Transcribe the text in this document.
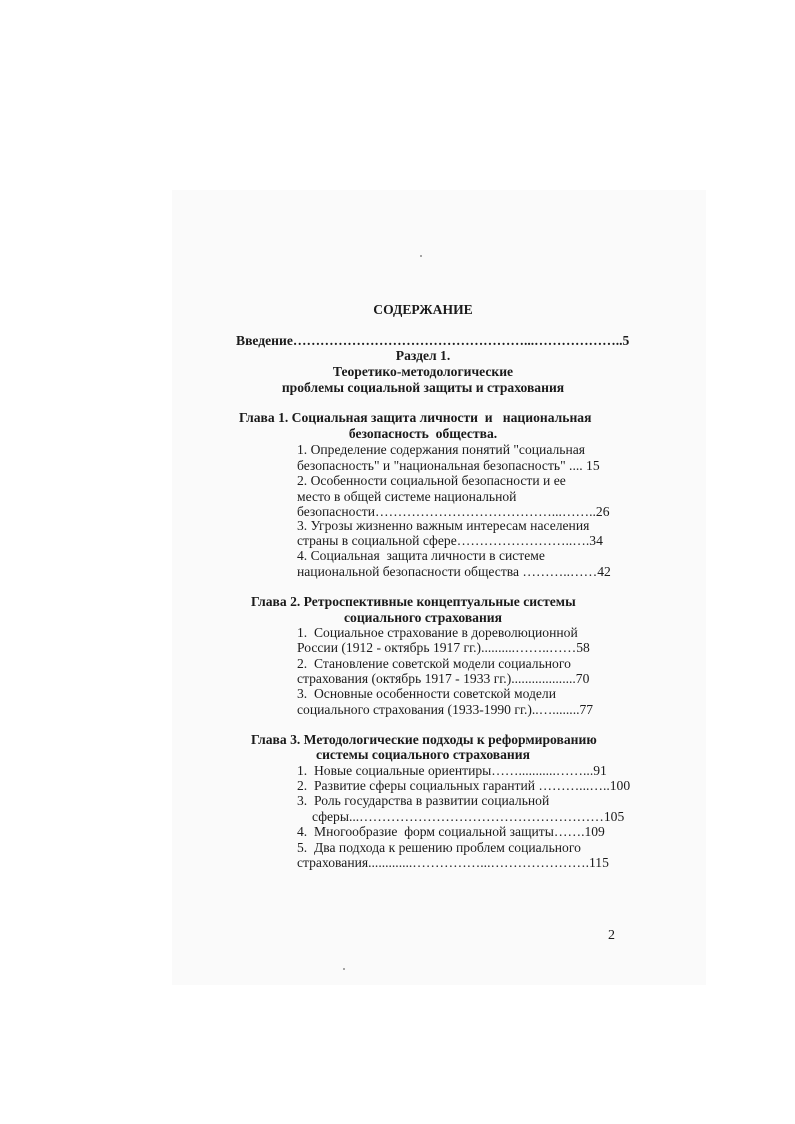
СОДЕРЖАНИЕ
Введение……………………………………………...………………..5
Раздел 1.
Теоретико-методологические
проблемы социальной защиты и страхования
Глава 1. Социальная защита личности  и   национальная
безопасность  общества.
1. Определение содержания понятий "социальная
безопасность" и "национальная безопасность" .... 15
2. Особенности социальной безопасности и ее
место в общей системе национальной
безопасности…………………………………...……..26
3. Угрозы жизненно важным интересам населения
страны в социальной сфере……………………..….34
4. Социальная  защита личности в системе
национальной безопасности общества ………..……42
Глава 2. Ретроспективные концептуальные системы
социального страхования
1.  Социальное страхование в дореволюционной
России (1912 - октябрь 1917 гг.)..........……..……58
2.  Становление советской модели социального
страхования (октябрь 1917 - 1933 гг.)...................70
3.  Основные особенности советской модели
социального страхования (1933-1990 гг.)..…........77
Глава 3. Методологические подходы к реформированию
системы социального страхования
1.  Новые социальные ориентиры……...........……...91
2.  Развитие сферы социальных гарантий ………...…..100
3.  Роль государства в развитии социальной
сферы...………………………………………………105
4.  Многообразие  форм социальной защиты…….109
5.  Два подхода к решению проблем социального
страхования.............……………...………………….115
2
